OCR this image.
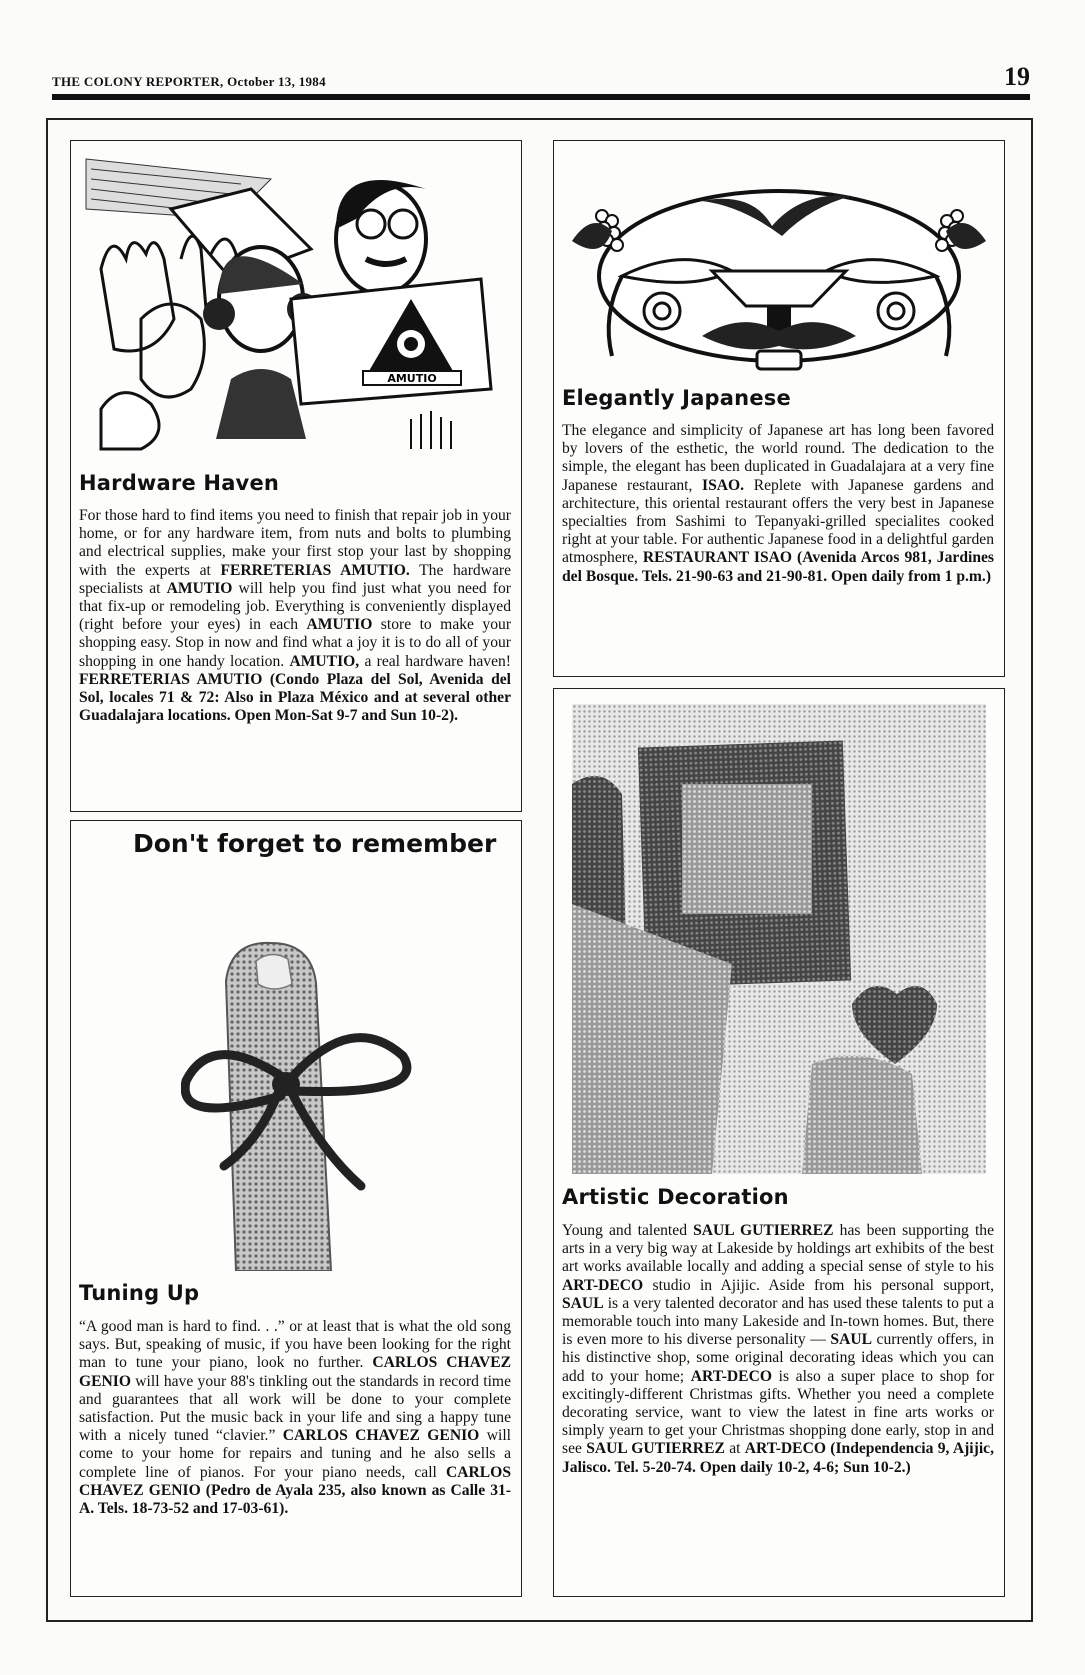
THE COLONY REPORTER, October 13, 1984	19
AMUTIO
Hardware Haven

For those hard to find items you need to finish that repair job in your home, or for any hardware item, from nuts and bolts to plumbing and electrical supplies, make your first stop your last by shopping with the experts at FERRETERIAS AMUTIO. The hardware specialists at AMUTIO will help you find just what you need for that fix-up or remodeling job. Everything is conveniently displayed (right before your eyes) in each AMUTIO store to make your shopping easy. Stop in now and find what a joy it is to do all of your shopping in one handy location. AMUTIO, a real hardware haven! FERRETERIAS AMUTIO (Condo Plaza del Sol, Avenida del Sol, locales 71 & 72: Also in Plaza México and at several other Guadalajara locations. Open Mon-Sat 9-7 and Sun 10-2).

Don't forget to remember
Tuning Up

“A good man is hard to find. . .” or at least that is what the old song says. But, speaking of music, if you have been looking for the right man to tune your piano, look no further. CARLOS CHAVEZ GENIO will have your 88's tinkling out the standards in record time and guarantees that all work will be done to your complete satisfaction. Put the music back in your life and sing a happy tune with a nicely tuned “clavier.” CARLOS CHAVEZ GENIO will come to your home for repairs and tuning and he also sells a complete line of pianos. For your piano needs, call CARLOS CHAVEZ GENIO (Pedro de Ayala 235, also known as Calle 31-A. Tels. 18-73-52 and 17-03-61).

Elegantly Japanese

The elegance and simplicity of Japanese art has long been favored by lovers of the esthetic, the world round. The dedication to the simple, the elegant has been duplicated in Guadalajara at a very fine Japanese restaurant, ISAO. Replete with Japanese gardens and architecture, this oriental restaurant offers the very best in Japanese specialties from Sashimi to Tepanyaki-grilled specialites cooked right at your table. For authentic Japanese food in a delightful garden atmosphere, RESTAURANT ISAO (Avenida Arcos 981, Jardines del Bosque. Tels. 21-90-63 and 21-90-81. Open daily from 1 p.m.)

Artistic Decoration

Young and talented SAUL GUTIERREZ has been supporting the arts in a very big way at Lakeside by holdings art exhibits of the best art works available locally and adding a special sense of style to his ART-DECO studio in Ajijic. Aside from his personal support, SAUL is a very talented decorator and has used these talents to put a memorable touch into many Lakeside and In-town homes. But, there is even more to his diverse personality — SAUL currently offers, in his distinctive shop, some original decorating ideas which you can add to your home; ART-DECO is also a super place to shop for excitingly-different Christmas gifts. Whether you need a complete decorating service, want to view the latest in fine arts works or simply yearn to get your Christmas shopping done early, stop in and see SAUL GUTIERREZ at ART-DECO (Independencia 9, Ajijic, Jalisco. Tel. 5-20-74. Open daily 10-2, 4-6; Sun 10-2.)
